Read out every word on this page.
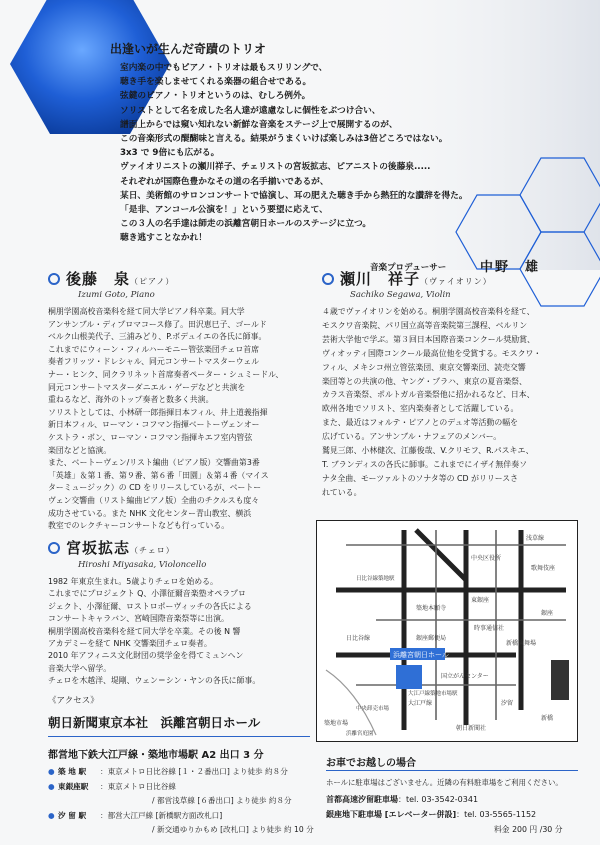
出逢いが生んだ奇蹟のトリオ
室内楽の中でもピアノ・トリオは最もスリリングで、
聴き手を楽しませてくれる楽器の組合せである。
弦鍵のピアノ・トリオというのは、むしろ例外。
ソリストとして名を成した名人達が遠慮なしに個性をぶつけ合い、
譜面上からでは窺い知れない新鮮な音楽をステージ上で展開するのが、
この音楽形式の醍醐味と言える。結果がうまくいけば楽しみは3倍どころではない。
3x3 で 9倍にも広がる。
ヴァイオリニストの瀬川祥子、チェリストの宮坂拡志、ピアニストの後藤泉.....
それぞれが国際色豊かなその道の名手揃いであるが、
某日、美術館のサロンコンサートで協演し、耳の肥えた聴き手から熱狂的な讃辞を得た。
「是非、アンコール公演を！」という要望に応えて、
この３人の名手達は師走の浜離宮朝日ホールのステージに立つ。
聴き逃すことなかれ！
音楽プロデューサー	中野　雄
後藤　泉（ピアノ）
Izumi Goto, Piano
桐朋学園高校音楽科を経て同大学ピアノ科卒業。同大学
アンサンブル・ディプロマコース修了。田沢恵巳子、ゴールド
ベルク山根美代子、三浦みどり、P.ボデュイエの各氏に師事。
これまでにウィーン・フィルハーモニー管弦楽団チェロ首席
奏者フリッツ・ドレシャル、同元コンサートマスターウェル
ナー・ヒンク、同クラリネット首席奏者ペーター・シュミードル、
同元コンサートマスターダニエル・ゲーデなどと共演を
重ねるなど、海外のトップ奏者と数多く共演。
ソリストとしては、小林研一郎指揮日本フィル、井上道義指揮
新日本フィル、ローマン・コフマン指揮ベートーヴェンオー
ケストラ・ボン、ローマン・コフマン指揮キエフ室内管弦
楽団などと協演。
また、ベートーヴェン/リスト編曲（ピアノ版）交響曲第3番
「英雄」＆第１番、第９番、第６番「田園」＆第４番（マイス
ターミュージック）の CD をリリースしているが、ベートー
ヴェン交響曲（リスト編曲ピアノ版）全曲のチクルスも度々
成功させている。また NHK 文化センター青山教室、横浜
教室でのレクチャーコンサートなども行っている。
瀬川　祥子（ヴァイオリン）
Sachiko Segawa, Violin
４歳でヴァイオリンを始める。桐朋学園高校音楽科を経て、
モスクワ音楽院、パリ国立高等音楽院第三課程、ベルリン
芸術大学他で学ぶ。第３回日本国際音楽コンクール奨励賞、
ヴィオッティ国際コンクール最高位他を受賞する。モスクワ・
フィル、メキシコ州立管弦楽団、東京交響楽団、読売交響
楽団等との共演の他、ヤング・プラハ、東京の夏音楽祭、
カラス音楽祭、ポルトガル音楽祭他に招かれるなど、日本、
欧州各地でソリスト、室内楽奏者として活躍している。
また、最近はフォルテ・ピアノとのデュオ等活動の幅を
広げている。アンサンブル・ナフェアのメンバー。
鷲見三郎、小林健次、江藤俊哉、V.クリモフ、R.パスキエ、
T. ブランディスの各氏に師事。これまでにイザイ無伴奏ソ
ナタ全曲、モーツァルトのソナタ等の CD がリリースさ
れている。
宮坂拡志（チェロ）
Hiroshi Miyasaka, Violoncello
1982 年東京生まれ。5歳よりチェロを始める。
これまでにプロジェクト Q、小澤征爾音楽塾オペラプロ
ジェクト、小澤征爾、ロストロポーヴィッチの各氏による
コンサートキャラバン、宮崎国際音楽祭等に出演。
桐朋学園高校音楽科を経て同大学を卒業。その後 N 響
アカデミーを経て NHK 交響楽団チェロ奏者。
2010 年アフィニス文化財団の奨学金を得てミュンヘン
音楽大学へ留学。
チェロを木越洋、堤剛、ウェン＝シン・ヤンの各氏に師事。
《アクセス》
朝日新聞東京本社　浜離宮朝日ホール
都営地下鉄大江戸線・築地市場駅 A2 出口 3 分
● 築 地 駅 ：東京メトロ日比谷線 [１・２番出口] より徒歩 約８分
● 東銀座駅 ：東京メトロ日比谷線
/ 都営浅草線 [６番出口] より徒歩 約８分
● 汐 留 駅 ：都営大江戸線 [新橋駅方面改札口]
/ 新交通ゆりかもめ [改札口] より徒歩 約 10 分
浜離宮朝日ホール
築地市場
築地本願寺
中央区役所
歌舞伎座
東銀座
銀座郵便局
銀座
新橋演舞場
時事通信社
国立がんセンター
朝日新聞社
大江戸線
日比谷線
浅草線
汐留
新橋
大江戸線築地市場駅
浜離宮庭園
中央卸売市場
日比谷線築地駅
お車でお越しの場合
ホールに駐車場はございません。近隣の有料駐車場をご利用ください。
首都高速汐留駐車場：tel. 03-3542-0341
銀座地下駐車場 [エレベーター併設]：tel. 03-5565-1152
料金 200 円 /30 分
